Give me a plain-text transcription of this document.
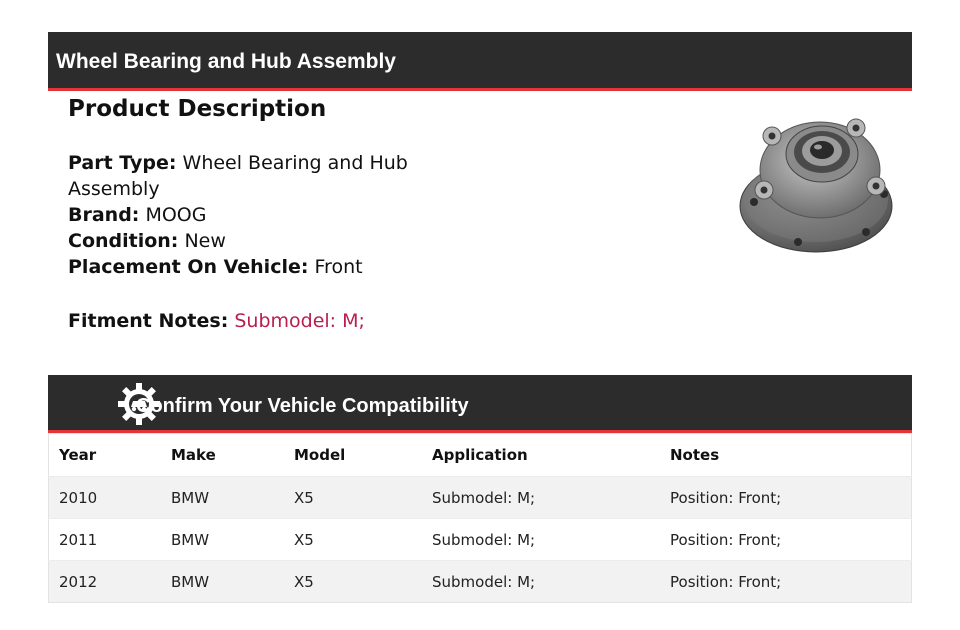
Wheel Bearing and Hub Assembly
Product Description
Part Type: Wheel Bearing and Hub Assembly
Brand: MOOG
Condition: New
Placement On Vehicle: Front
Fitment Notes: Submodel: M;
Confirm Your Vehicle Compatibility
Year	Make	Model	Application	Notes
2010	BMW	X5	Submodel: M;	Position: Front;
2011	BMW	X5	Submodel: M;	Position: Front;
2012	BMW	X5	Submodel: M;	Position: Front;
